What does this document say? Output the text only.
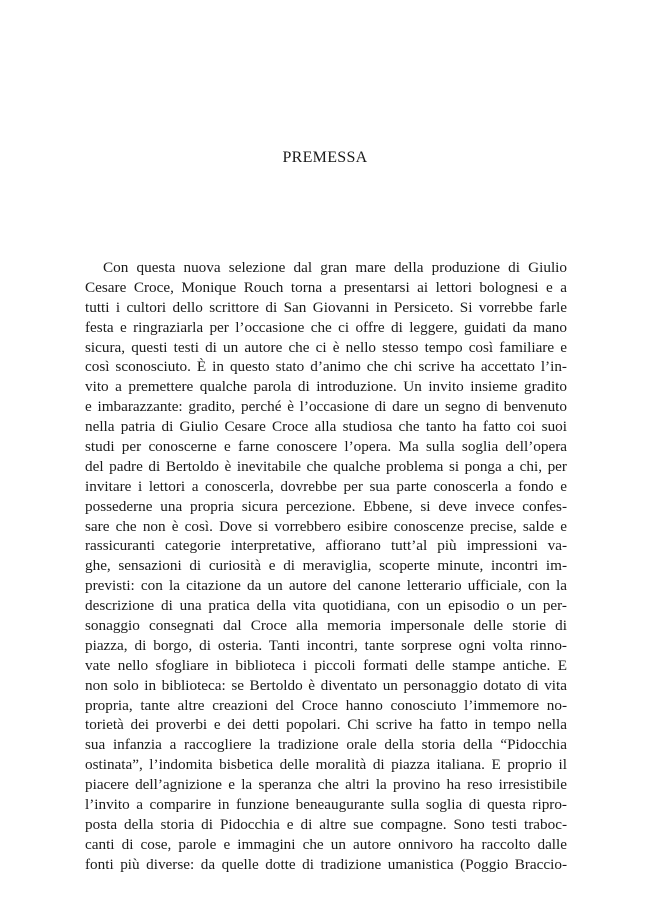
PREMESSA
Con questa nuova selezione dal gran mare della produzione di Giulio
Cesare Croce, Monique Rouch torna a presentarsi ai lettori bolognesi e a
tutti i cultori dello scrittore di San Giovanni in Persiceto. Si vorrebbe farle
festa e ringraziarla per l’occasione che ci offre di leggere, guidati da mano
sicura, questi testi di un autore che ci è nello stesso tempo così familiare e
così sconosciuto. È in questo stato d’animo che chi scrive ha accettato l’in-
vito a premettere qualche parola di introduzione. Un invito insieme gradito
e imbarazzante: gradito, perché è l’occasione di dare un segno di benvenuto
nella patria di Giulio Cesare Croce alla studiosa che tanto ha fatto coi suoi
studi per conoscerne e farne conoscere l’opera. Ma sulla soglia dell’opera
del padre di Bertoldo è inevitabile che qualche problema si ponga a chi, per
invitare i lettori a conoscerla, dovrebbe per sua parte conoscerla a fondo e
possederne una propria sicura percezione. Ebbene, si deve invece confes-
sare che non è così. Dove si vorrebbero esibire conoscenze precise, salde e
rassicuranti categorie interpretative, affiorano tutt’al più impressioni va-
ghe, sensazioni di curiosità e di meraviglia, scoperte minute, incontri im-
previsti: con la citazione da un autore del canone letterario ufficiale, con la
descrizione di una pratica della vita quotidiana, con un episodio o un per-
sonaggio consegnati dal Croce alla memoria impersonale delle storie di
piazza, di borgo, di osteria. Tanti incontri, tante sorprese ogni volta rinno-
vate nello sfogliare in biblioteca i piccoli formati delle stampe antiche. E
non solo in biblioteca: se Bertoldo è diventato un personaggio dotato di vita
propria, tante altre creazioni del Croce hanno conosciuto l’immemore no-
torietà dei proverbi e dei detti popolari. Chi scrive ha fatto in tempo nella
sua infanzia a raccogliere la tradizione orale della storia della “Pidocchia
ostinata”, l’indomita bisbetica delle moralità di piazza italiana. E proprio il
piacere dell’agnizione e la speranza che altri la provino ha reso irresistibile
l’invito a comparire in funzione beneaugurante sulla soglia di questa ripro-
posta della storia di Pidocchia e di altre sue compagne. Sono testi traboc-
canti di cose, parole e immagini che un autore onnivoro ha raccolto dalle
fonti più diverse: da quelle dotte di tradizione umanistica (Poggio Braccio-
